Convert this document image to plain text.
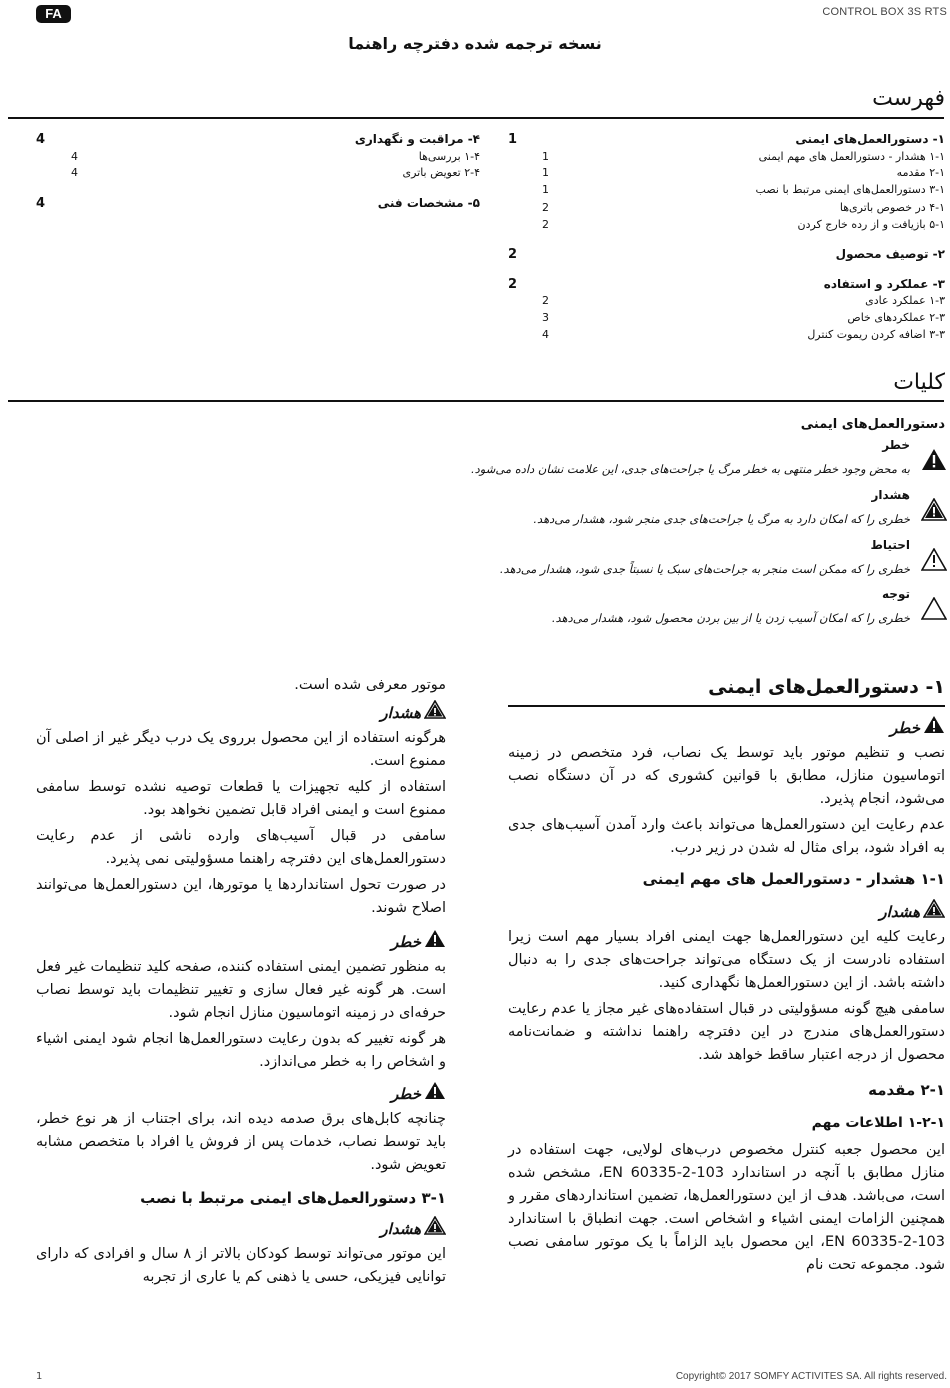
FA	CONTROL BOX 3S RTS
نسخه ترجمه شده دفترچه راهنما
فهرست
۱- دستورالعمل‌های ایمنی
1
۱-۱ هشدار - دستورالعمل های مهم ایمنی
1
۲-۱ مقدمه
1
۳-۱ دستورالعمل‌های ایمنی مرتبط با نصب
1
۴-۱ در خصوص باتری‌ها
2
۵-۱ بازیافت و از رده خارج کردن
2
۲- توصیف محصول
2
۳- عملکرد و استفاده
2
۱-۳ عملکرد عادی
2
۲-۳ عملکردهای خاص
3
۳-۳ اضافه کردن ریموت کنترل
4
۴- مراقبت و نگهداری
4
۱-۴ بررسی‌ها
4
۲-۴ تعویض باتری
4
۵- مشخصات فنی
4
کلیات
دستورالعمل‌های ایمنی
خطر
به محض وجود خطر منتهی به خطر مرگ یا جراحت‌های جدی، این علامت نشان داده می‌شود.
هشدار
خطری را که امکان دارد به مرگ یا جراحت‌های جدی منجر شود، هشدار می‌دهد.
احتیاط
خطری را که ممکن است منجر به جراحت‌های سبک یا نسبتاً جدی شود، هشدار می‌دهد.
توجه
خطری را که امکان آسیب زدن یا از بین بردن محصول شود، هشدار می‌دهد.
۱- دستورالعمل‌های ایمنی
خطر

نصب و تنظیم موتور باید توسط یک نصاب، فرد متخصص در زمینه اتوماسیون منازل، مطابق با قوانین کشوری که در آن دستگاه نصب می‌شود، انجام پذیرد.

عدم رعایت این دستورالعمل‌ها می‌تواند باعث وارد آمدن آسیب‌های جدی به افراد شود، برای مثال له شدن در زیر درب.

۱-۱ هشدار - دستورالعمل های مهم ایمنی
هشدار

رعایت کلیه این دستورالعمل‌ها جهت ایمنی افراد بسیار مهم است زیرا استفاده نادرست از یک دستگاه می‌تواند جراحت‌های جدی را به دنبال داشته باشد. از این دستورالعمل‌ها نگهداری کنید.

سامفی هیچ گونه مسؤولیتی در قبال استفاده‌های غیر مجاز یا عدم رعایت دستورالعمل‌های مندرج در این دفترچه راهنما نداشته و ضمانت‌نامه محصول از درجه اعتبار ساقط خواهد شد.

۲-۱ مقدمه
۱-۲-۱ اطلاعات مهم

این محصول جعبه کنترل مخصوص درب‌های لولایی، جهت استفاده در منازل مطابق با آنچه در استاندارد EN 60335-2-103، مشخص شده است، می‌باشد. هدف از این دستورالعمل‌ها، تضمین استانداردهای مقرر و همچنین الزامات ایمنی اشیاء و اشخاص است. جهت انطباق با استاندارد EN 60335-2-103، این محصول باید الزاماً با یک موتور سامفی نصب شود. مجموعه تحت نام

موتور معرفی شده است.

هشدار

هرگونه استفاده از این محصول برروی یک درب دیگر غیر از اصلی آن ممنوع است.

استفاده از کلیه تجهیزات یا قطعات توصیه نشده توسط سامفی ممنوع است و ایمنی افراد قابل تضمین نخواهد بود.

سامفی در قبال آسیب‌های وارده ناشی از عدم رعایت دستورالعمل‌های این دفترچه راهنما مسؤولیتی نمی پذیرد.

در صورت تحول استانداردها یا موتورها، این دستورالعمل‌ها می‌توانند اصلاح شوند.

خطر

به منظور تضمین ایمنی استفاده کننده، صفحه کلید تنظیمات غیر فعل است. هر گونه غیر فعال سازی و تغییر تنظیمات باید توسط نصاب حرفه‌ای در زمینه اتوماسیون منازل انجام شود.

هر گونه تغییر که بدون رعایت دستورالعمل‌ها انجام شود ایمنی اشیاء و اشخاص را به خطر می‌اندازد.

خطر

چنانچه کابل‌های برق صدمه دیده اند، برای اجتناب از هر نوع خطر، باید توسط نصاب، خدمات پس از فروش یا افراد با متخصص مشابه تعویض شود.

۳-۱ دستورالعمل‌های ایمنی مرتبط با نصب
هشدار

این موتور می‌تواند توسط کودکان بالاتر از ۸ سال و افرادی که دارای توانایی فیزیکی، حسی یا ذهنی کم یا عاری از تجربه

1	Copyright© 2017 SOMFY ACTIVITES SA. All rights reserved.
